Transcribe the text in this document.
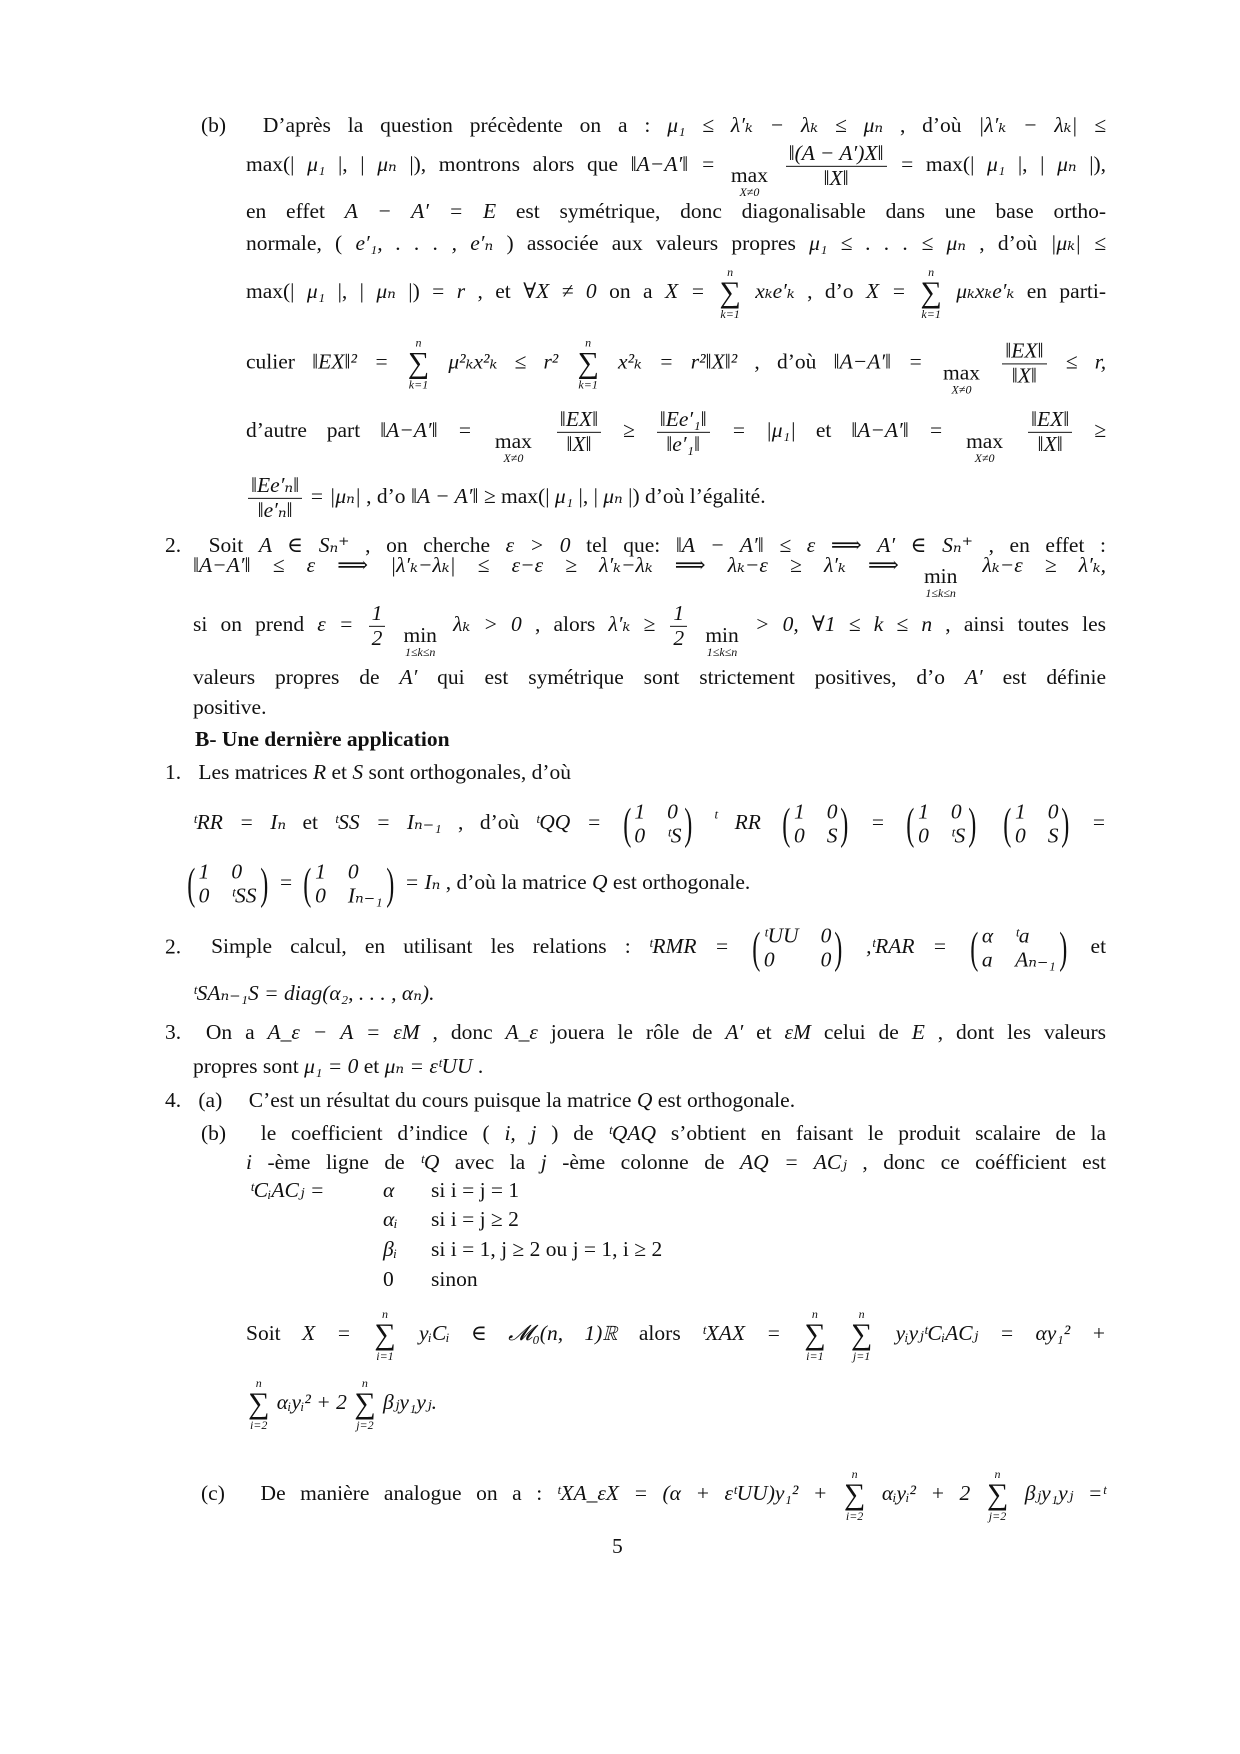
(b) D’après la question précèdente on a : μ₁ ≤ λ′ₖ − λₖ ≤ μₙ , d’où |λ′ₖ − λₖ| ≤
max(| μ₁ |, | μₙ |), montrons alors que ‖A−A′‖ = max
X≠0

$\frac{‖(A - A')X‖}{‖X‖} = \max(|$ μ₁ |, | μₙ |),
en effet A − A′ = E est symétrique, donc diagonalisable dans une base ortho-
normale, ( e′₁, . . . , e′ₙ ) associée aux valeurs propres μ₁ ≤ . . . ≤ μₙ , d’où |μₖ| ≤
max(| μ₁ |, | μₙ |) = r , et ∀X ≠ 0 on a X =
n
∑
k=1
xₖe′ₖ , d’o X =
n
∑
k=1
μₖxₖe′ₖ en parti-
culier ‖EX‖² =
n
∑
k=1
μ²ₖx²ₖ ≤ r²
n
∑
k=1
x²ₖ = r²‖X‖² , d’où ‖A−A′‖ = max
X≠0

$\frac{‖EX‖}{‖X‖} \le r$,
d’autre part ‖A−A′‖ = max
X≠0

$\frac{‖EX‖}{‖X‖} \ge \frac{\text{‖Ee′₁‖}}{\text{‖e′₁‖}} = |\mu_1|$ et ‖A−A′‖ = max
X≠0

$\frac{‖EX‖}{‖X‖}$ ≥
$\frac{\text{‖Ee′ₙ‖}}{\text{‖e′ₙ‖}} = |\mu_n|$ , d’o ‖A − A′‖ ≥ max(| μ₁ |, | μₙ |) d’où l’égalité.
2. Soit A ∈ Sₙ⁺ , on cherche ε > 0 tel que: ‖A − A′‖ ≤ ε ⟹ A′ ∈ Sₙ⁺ , en effet :
‖A−A′‖ ≤ ε ⟹ |λ′ₖ−λₖ| ≤ ε−ε ≥ λ′ₖ−λₖ ⟹ λₖ−ε ≥ λ′ₖ ⟹ min
1≤k≤n
λₖ−ε ≥ λ′ₖ,
si on prend $\varepsilon = \frac{1}{2}$
min
1≤k≤n
λₖ > 0 , alors $\lambda'_k \ge \frac{1}{2}$
min
1≤k≤n
> 0, ∀1 ≤ k ≤ n , ainsi toutes les
valeurs propres de A′ qui est symétrique sont strictement positives, d’o A′ est définie
positive.
B- Une dernière application
1. Les matrices R et S sont orthogonales, d’où
ᵗRR = Iₙ et ᵗSS = Iₙ₋₁ , d’où ᵗQQ = ( 1 0
0 ᵗS ) $^t$ RR ( 1 0
0 S ) = ( 1 0
0 ᵗS )
( 1 0
0 S ) =
( 1 0
0 ᵗSS ) = ( 1 0
0 Iₙ₋₁ ) = Iₙ , d’où la matrice Q est orthogonale.
2. Simple calcul, en utilisant les relations : ᵗRMR = ( ᵗUU 0
0	0 ) ,ᵗRAR = ( α ᵗa
a Aₙ₋₁ ) et
ᵗSAₙ₋₁S = diag(α₂, . . . , αₙ).
3. On a A_ε − A = εM , donc A_ε jouera le rôle de A′ et εM celui de E , dont les valeurs
propres sont μ₁ = 0 et μₙ = εᵗUU .
4. (a) C’est un résultat du cours puisque la matrice Q est orthogonale.
(b) le coefficient d’indice ( i, j ) de ᵗQAQ s’obtient en faisant le produit scalaire de la
i -ème ligne de ᵗQ avec la j -ème colonne de AQ = ACⱼ , donc ce coéfficient est
ᵗCᵢACⱼ =	α si i = j = 1
αᵢ si i = j ≥ 2
βᵢ si i = 1, j ≥ 2 ou j = 1, i ≥ 2
0 sinon
Soit X =
n
∑
i=1
yᵢCᵢ ∈ 𝓜₀(n, 1)ℝ alors ᵗXAX =
n
∑
i=1

n
∑
j=1
yᵢyⱼᵗCᵢACⱼ = αy₁² +
n
∑
i=2
αᵢyᵢ² + 2
n
∑
j=2
βⱼy₁yⱼ.
(c) De manière analogue on a : ᵗXA_εX = (α + εᵗUU)y₁² +
n
∑
i=2
αᵢyᵢ² + 2
n
∑
j=2
βⱼy₁yⱼ =ᵗ
5
